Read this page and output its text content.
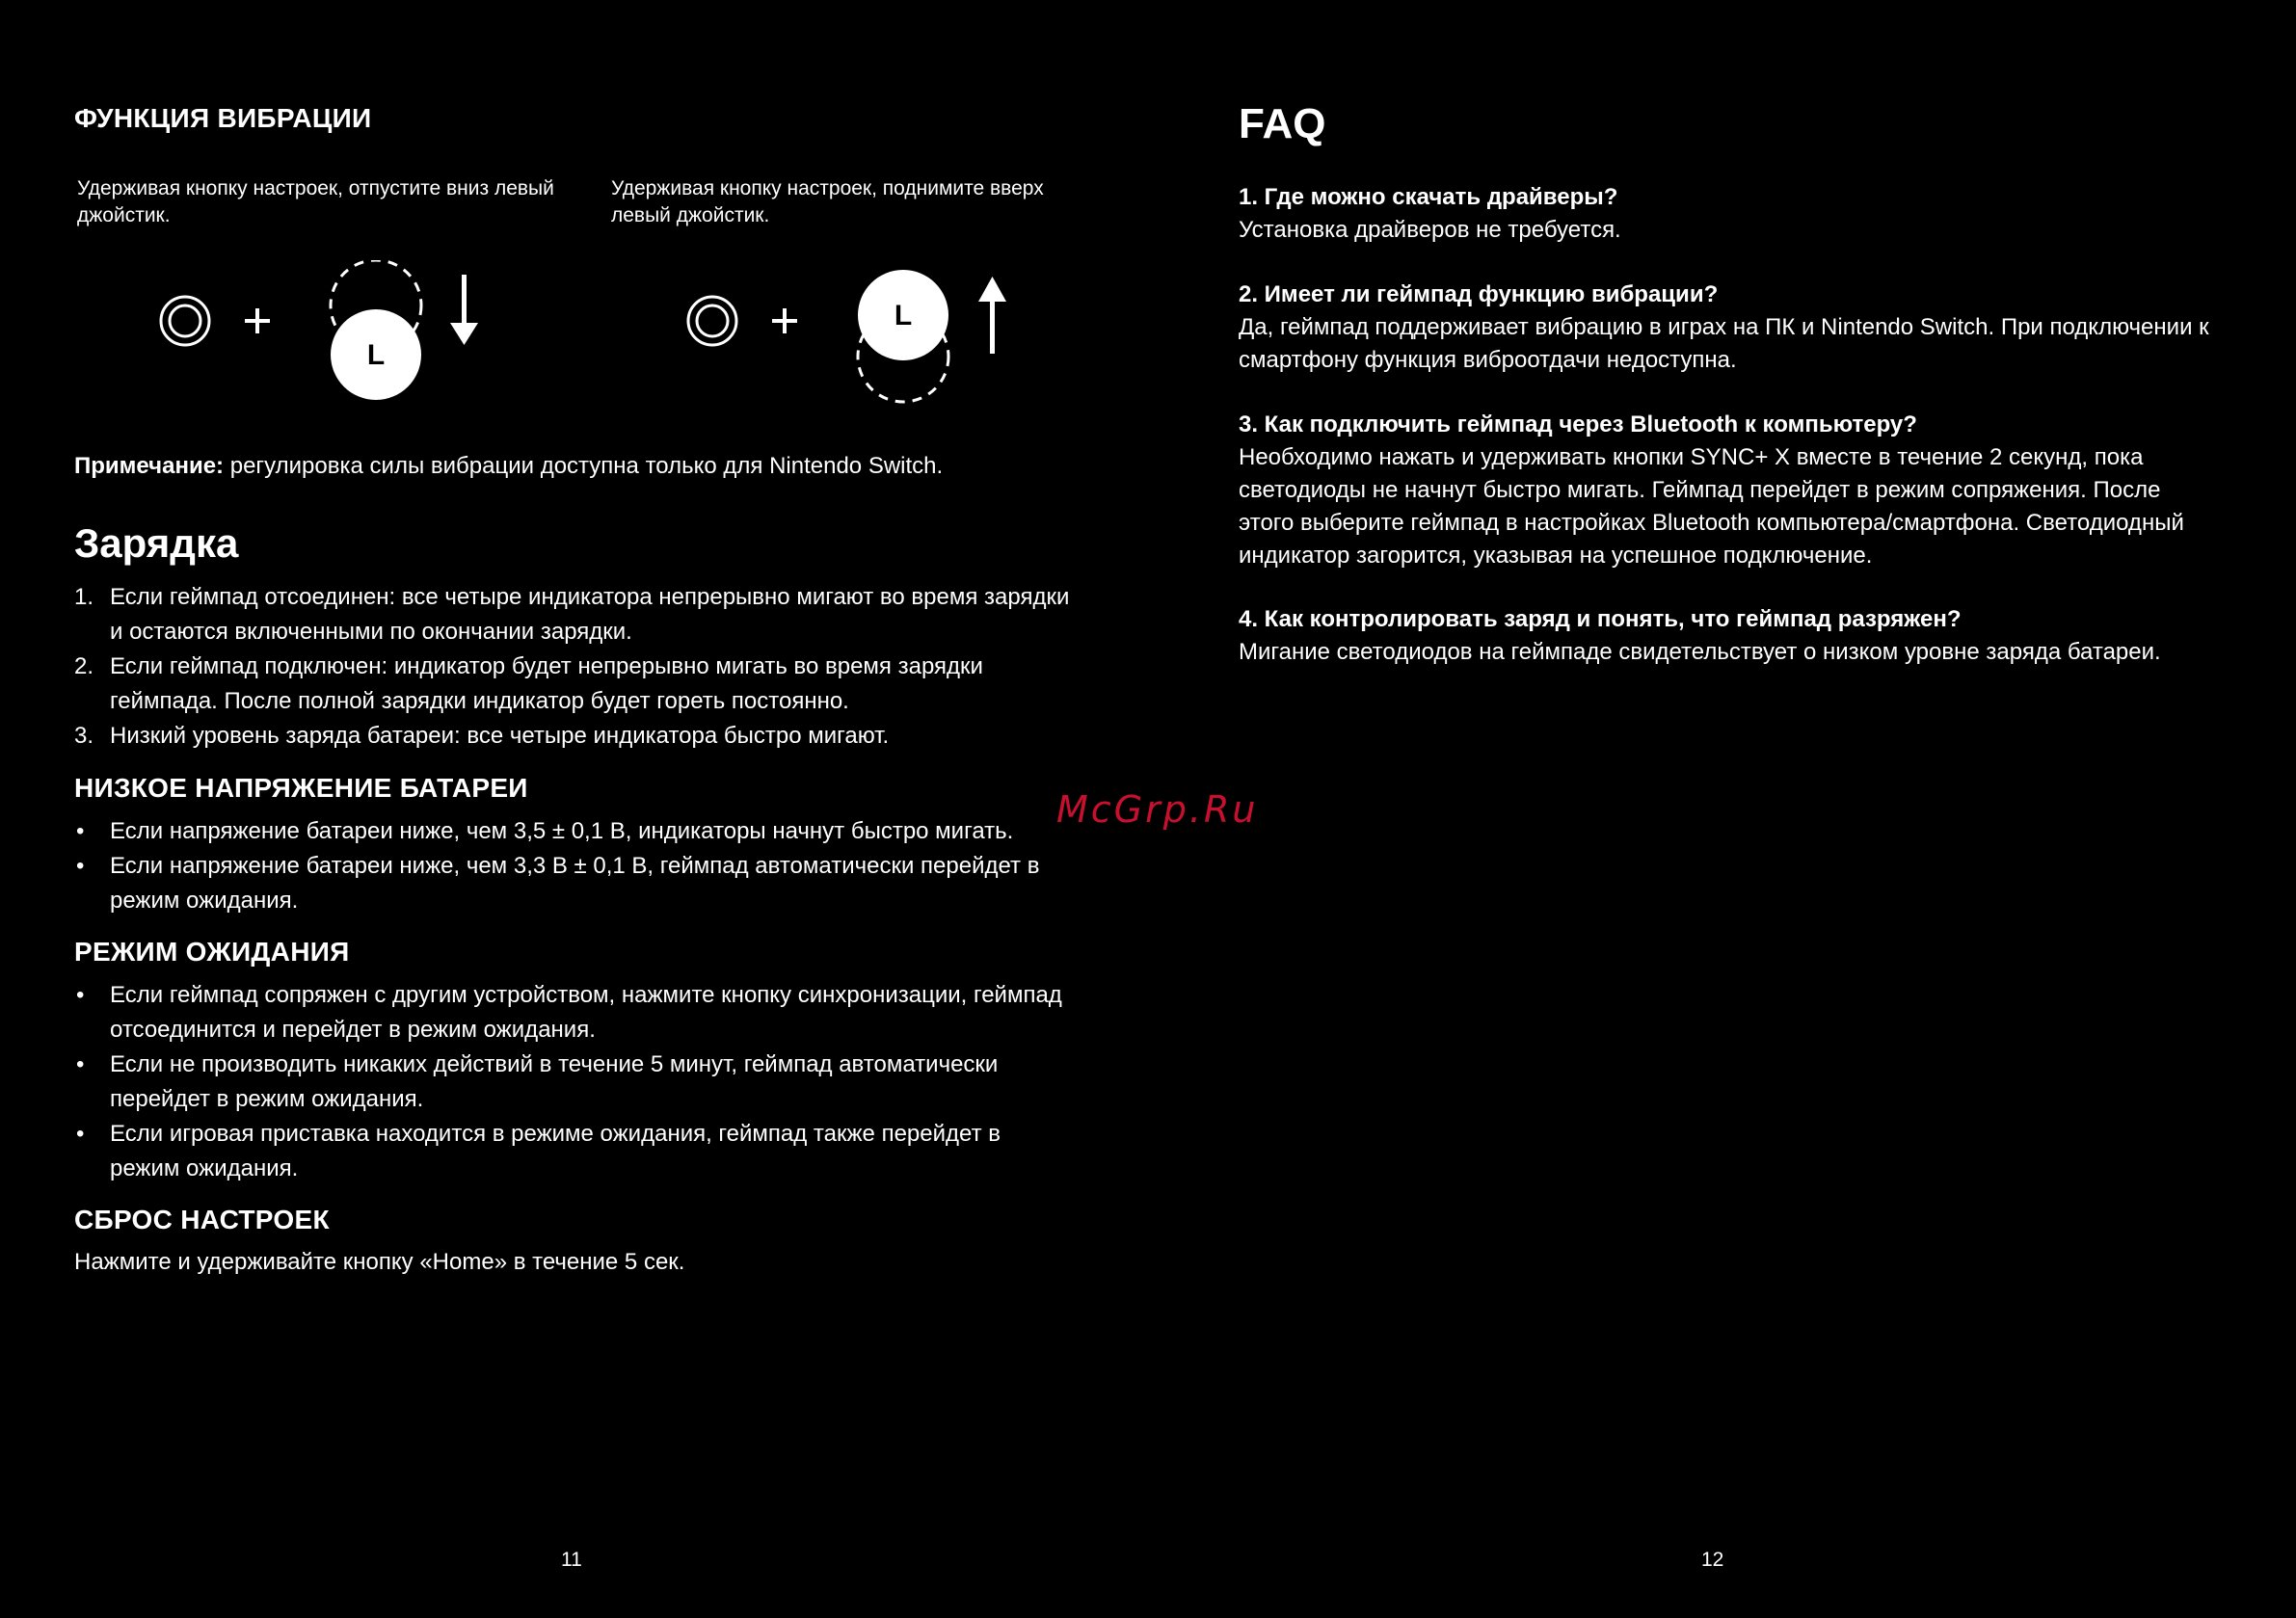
ФУНКЦИЯ ВИБРАЦИИ
Удерживая кнопку настроек, отпустите вниз левый джойстик.
Удерживая кнопку настроек, поднимите вверх левый джойстик.
L
L
Примечание: регулировка силы вибрации доступна только для Nintendo Switch.
Зарядка
1. Если геймпад отсоединен: все четыре индикатора непрерывно мигают во время зарядки и остаются включенными по окончании зарядки.
2. Если геймпад подключен: индикатор будет непрерывно мигать во время зарядки геймпада. После полной зарядки индикатор будет гореть постоянно.
3. Низкий уровень заряда батареи: все четыре индикатора быстро мигают.
НИЗКОЕ НАПРЯЖЕНИЕ БАТАРЕИ
• Если напряжение батареи ниже, чем 3,5 ± 0,1 В, индикаторы начнут быстро мигать.
• Если напряжение батареи ниже, чем 3,3 В ± 0,1 В, геймпад автоматически перейдет в режим ожидания.
РЕЖИМ ОЖИДАНИЯ
• Если геймпад сопряжен с другим устройством, нажмите кнопку синхронизации, геймпад отсоединится и перейдет в режим ожидания.
• Если не производить никаких действий в течение 5 минут, геймпад автоматически перейдет в режим ожидания.
• Если игровая приставка находится в режиме ожидания, геймпад также перейдет в режим ожидания.
СБРОС НАСТРОЕК
Нажмите и удерживайте кнопку «Home» в течение 5 сек.
11
FAQ
1. Где можно скачать драйверы?
Установка драйверов не требуется.
2. Имеет ли геймпад функцию вибрации?
Да, геймпад поддерживает вибрацию в играх на ПК и Nintendo Switch. При подключении к смартфону функция виброотдачи недоступна.
3. Как подключить геймпад через Bluetooth к компьютеру?
Необходимо нажать и удерживать кнопки SYNC+ X вместе в течение 2 секунд, пока светодиоды не начнут быстро мигать. Геймпад перейдет в режим сопряжения. После этого выберите геймпад в настройках Bluetooth компьютера/смартфона. Светодиодный индикатор загорится, указывая на успешное подключение.
4. Как контролировать заряд и понять, что геймпад разряжен?
Мигание светодиодов на геймпаде свидетельствует о низком уровне заряда батареи.
12
McGrp.Ru
